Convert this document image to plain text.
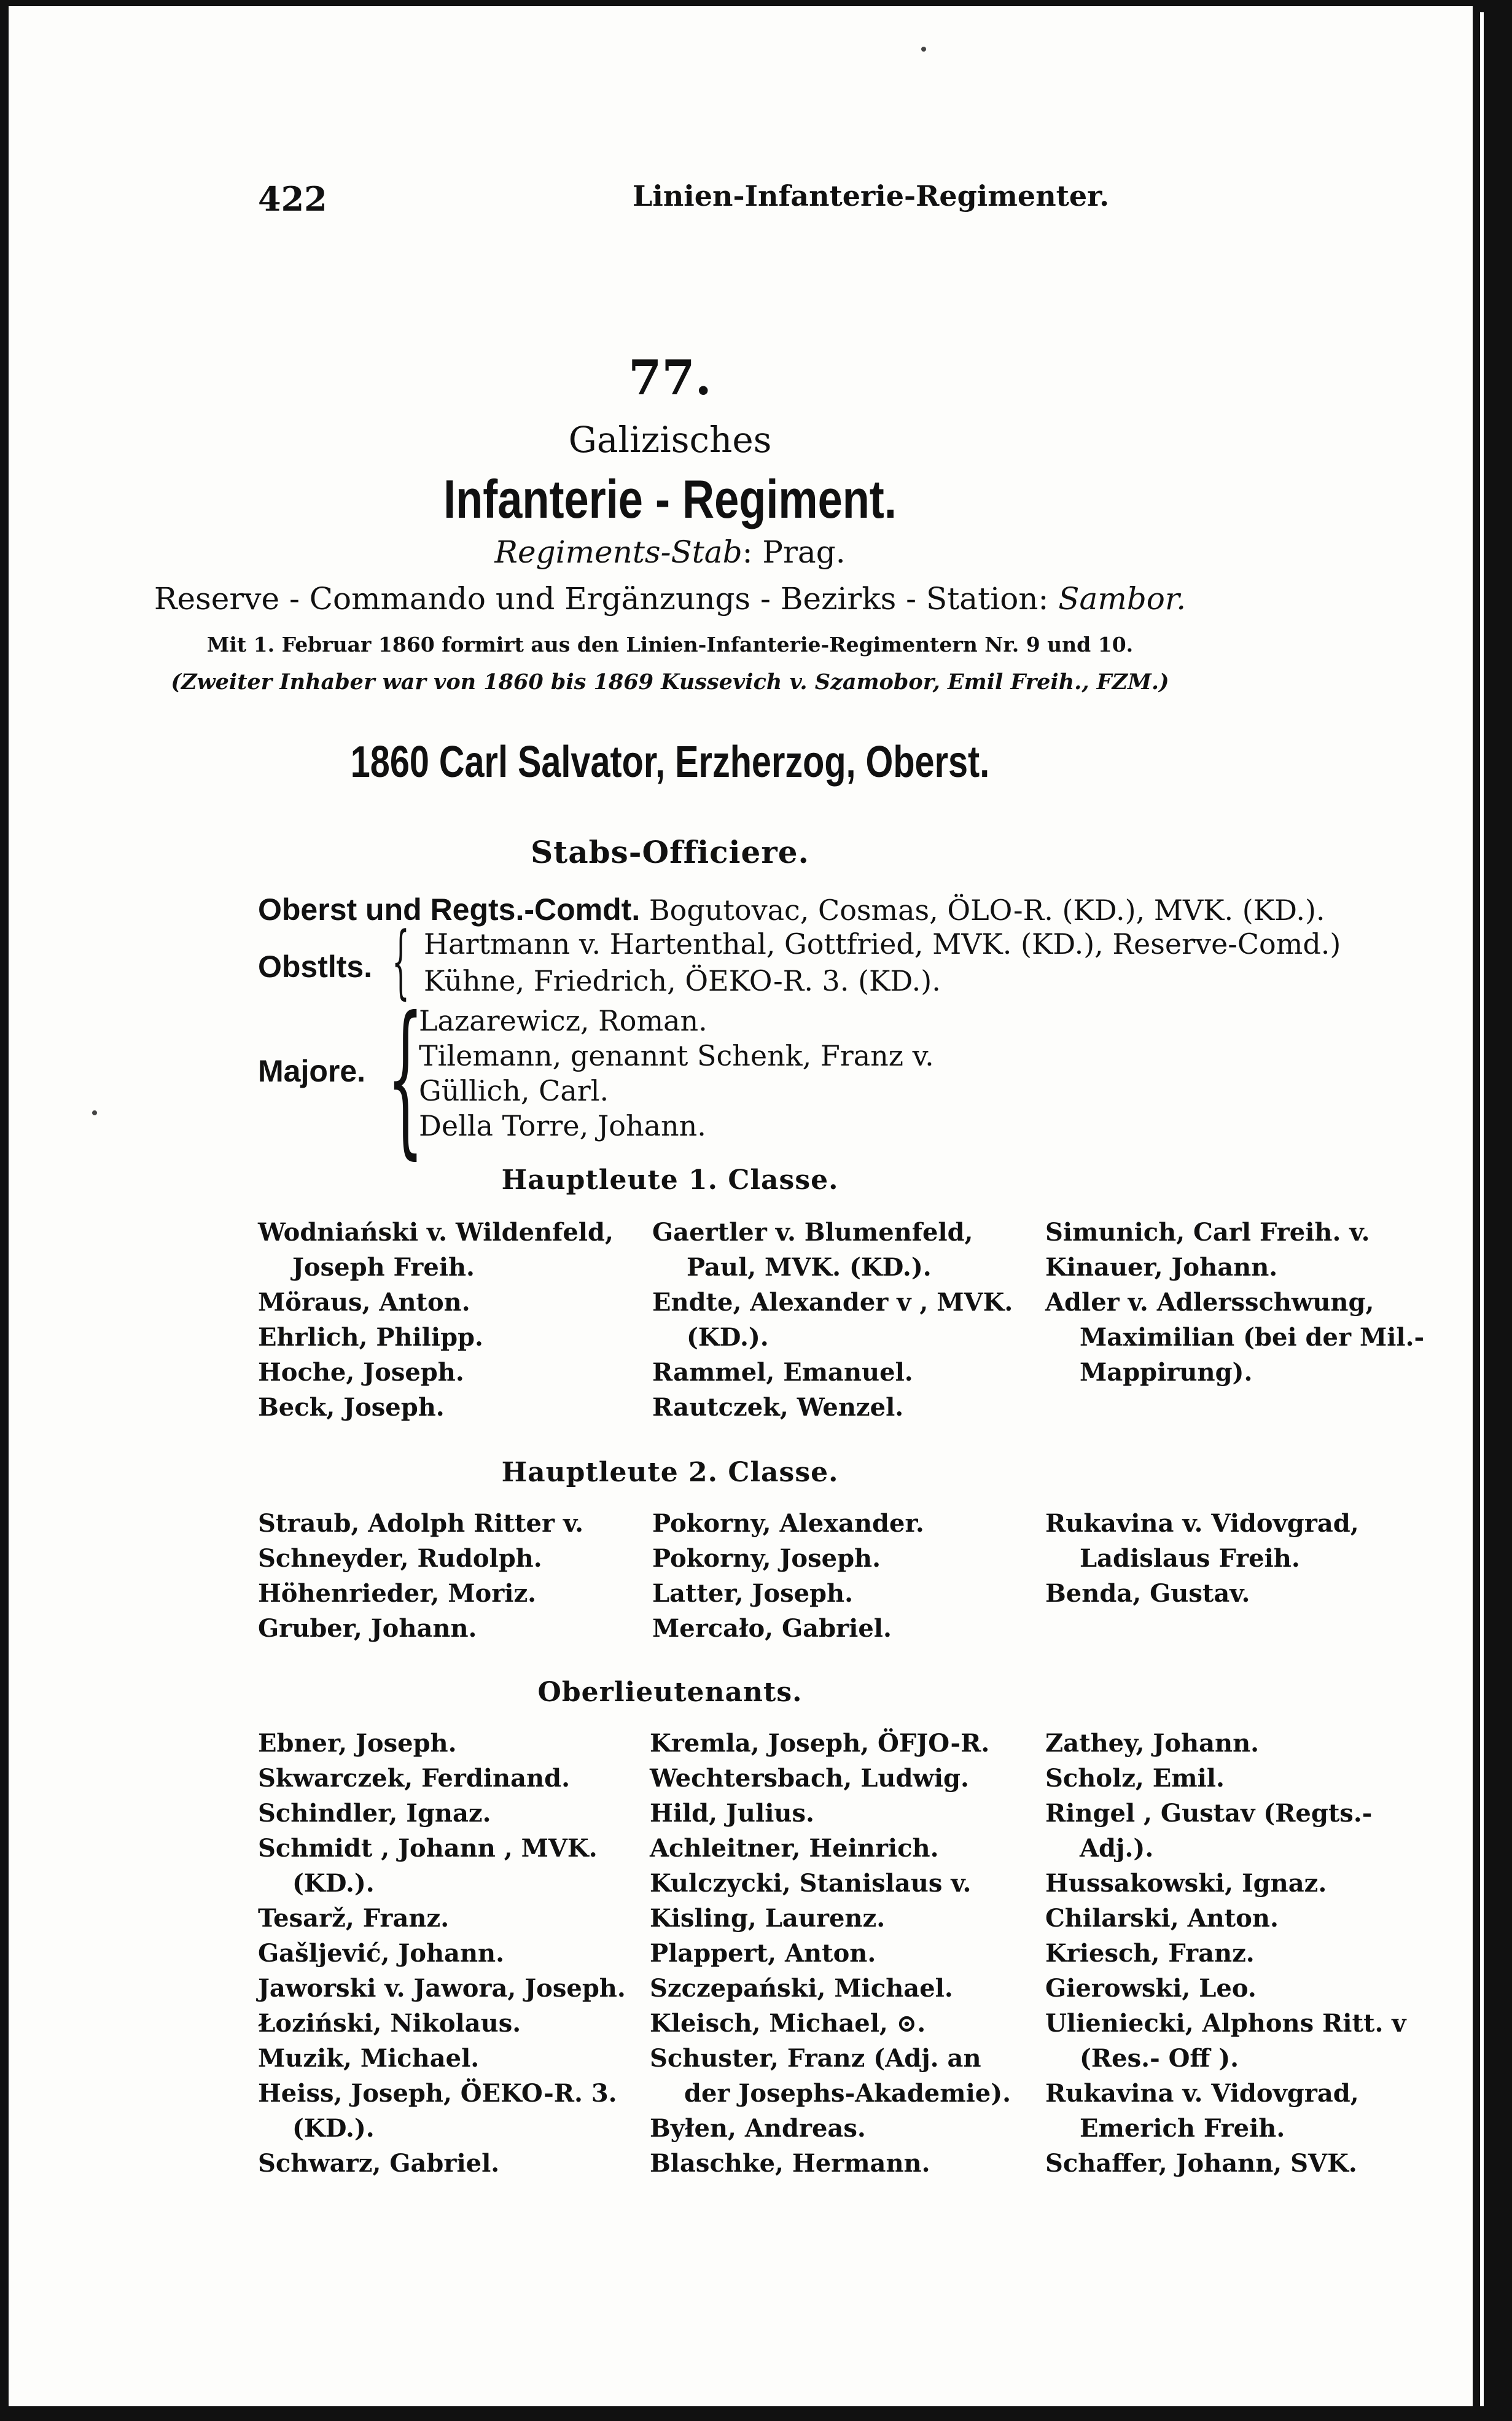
422	Linien-Infanterie-Regimenter.
77.
Galizisches
Infanterie - Regiment.
Regiments-Stab: Prag.
Reserve - Commando und Ergänzungs - Bezirks - Station: Sambor.
Mit 1. Februar 1860 formirt aus den Linien-Infanterie-Regimentern Nr. 9 und 10.
(Zweiter Inhaber war von 1860 bis 1869 Kussevich v. Szamobor, Emil Freih., FZM.)
1860 Carl Salvator, Erzherzog, Oberst.
Stabs-Officiere.
Oberst und Regts.-Comdt. Bogutovac, Cosmas, ÖLO-R. (KD.), MVK. (KD.).
Obstlts. { Hartmann v. Hartenthal, Gottfried, MVK. (KD.), Reserve-Comd.)
Kühne, Friedrich, ÖEKO-R. 3. (KD.).
Majore. {
Lazarewicz, Roman.
Tilemann, genannt Schenk, Franz v.
Güllich, Carl.
Della Torre, Johann.
Hauptleute 1. Classe.
Wodniański v. Wildenfeld,
Joseph Freih.
Möraus, Anton.
Ehrlich, Philipp.
Hoche, Joseph.
Beck, Joseph.
Gaertler v. Blumenfeld,
Paul, MVK. (KD.).
Endte, Alexander v , MVK.
(KD.).
Rammel, Emanuel.
Rautczek, Wenzel.
Simunich, Carl Freih. v.
Kinauer, Johann.
Adler v. Adlersschwung,
Maximilian (bei der Mil.-
Mappirung).
Hauptleute 2. Classe.
Straub, Adolph Ritter v.
Schneyder, Rudolph.
Höhenrieder, Moriz.
Gruber, Johann.
Pokorny, Alexander.
Pokorny, Joseph.
Latter, Joseph.
Mercało, Gabriel.
Rukavina v. Vidovgrad,
Ladislaus Freih.
Benda, Gustav.
Oberlieutenants.
Ebner, Joseph.
Skwarczek, Ferdinand.
Schindler, Ignaz.
Schmidt , Johann , MVK.
(KD.).
Tesarž, Franz.
Gašljević, Johann.
Jaworski v. Jawora, Joseph.
Łoziński, Nikolaus.
Muzik, Michael.
Heiss, Joseph, ÖEKO-R. 3.
(KD.).
Schwarz, Gabriel.
Kremla, Joseph, ÖFJO-R.
Wechtersbach, Ludwig.
Hild, Julius.
Achleitner, Heinrich.
Kulczycki, Stanislaus v.
Kisling, Laurenz.
Plappert, Anton.
Szczepański, Michael.
Kleisch, Michael, ⊙.
Schuster, Franz (Adj. an
der Josephs-Akademie).
Byłen, Andreas.
Blaschke, Hermann.
Zathey, Johann.
Scholz, Emil.
Ringel , Gustav (Regts.-
Adj.).
Hussakowski, Ignaz.
Chilarski, Anton.
Kriesch, Franz.
Gierowski, Leo.
Ulieniecki, Alphons Ritt. v
(Res.- Off ).
Rukavina v. Vidovgrad,
Emerich Freih.
Schaffer, Johann, SVK.
